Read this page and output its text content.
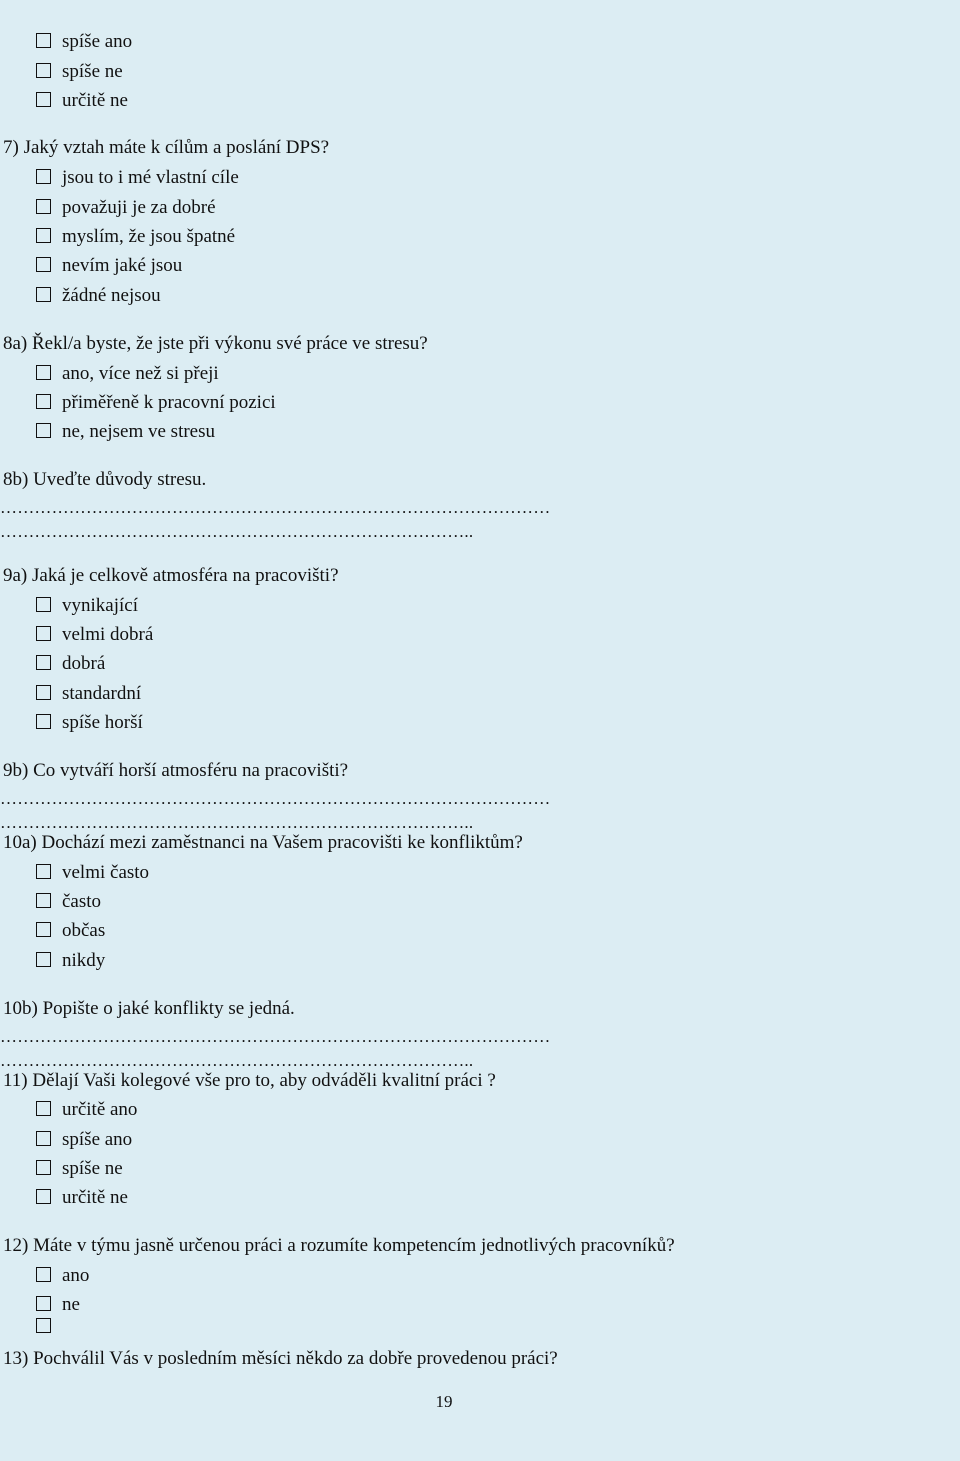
spíše ano
spíše ne
určitě ne
7) Jaký vztah máte k cílům a poslání DPS?
jsou to i mé vlastní cíle
považuji je za dobré
myslím, že jsou špatné
nevím jaké jsou
žádné nejsou
8a) Řekl/a byste, že jste při výkonu své práce ve stresu?
ano, více než si přeji
přiměřeně k pracovní pozici
ne, nejsem ve stresu
8b) Uveďte důvody stresu.
……………………………………………………………………………………
………………………………………………………………………..
9a) Jaká je celkově atmosféra na pracovišti?
vynikající
velmi dobrá
dobrá
standardní
spíše horší
9b) Co vytváří horší atmosféru na pracovišti?
……………………………………………………………………………………
………………………………………………………………………..
10a) Dochází mezi zaměstnanci na Vašem pracovišti ke konfliktům?
velmi často
často
občas
nikdy
10b) Popište o jaké konflikty se jedná.
……………………………………………………………………………………
………………………………………………………………………..
11) Dělají Vaši kolegové vše pro to, aby odváděli kvalitní práci ?
určitě ano
spíše ano
spíše ne
určitě ne
12) Máte v týmu jasně určenou práci a rozumíte kompetencím jednotlivých pracovníků?
ano
ne
13) Pochválil Vás v posledním měsíci někdo za dobře provedenou práci?
19
